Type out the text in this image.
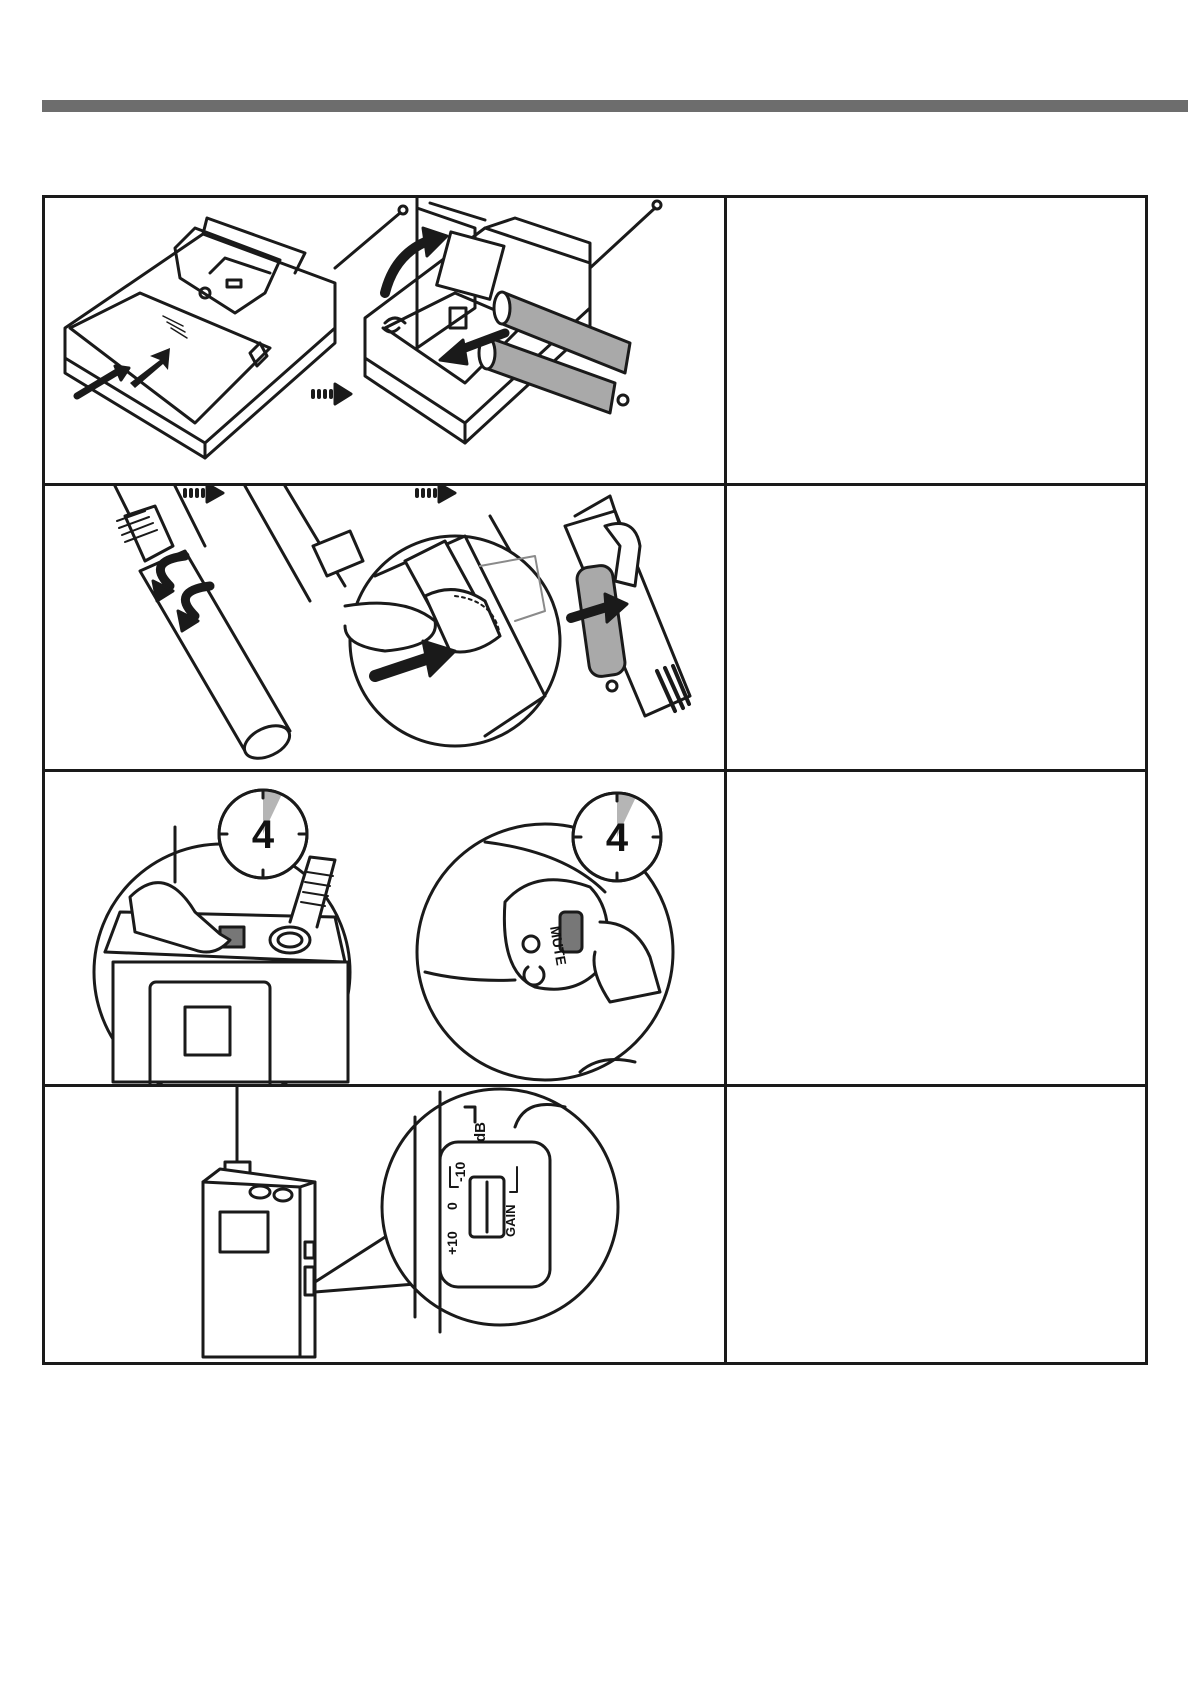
4
MUTE
4
dB
-10
0
+10
GAIN
